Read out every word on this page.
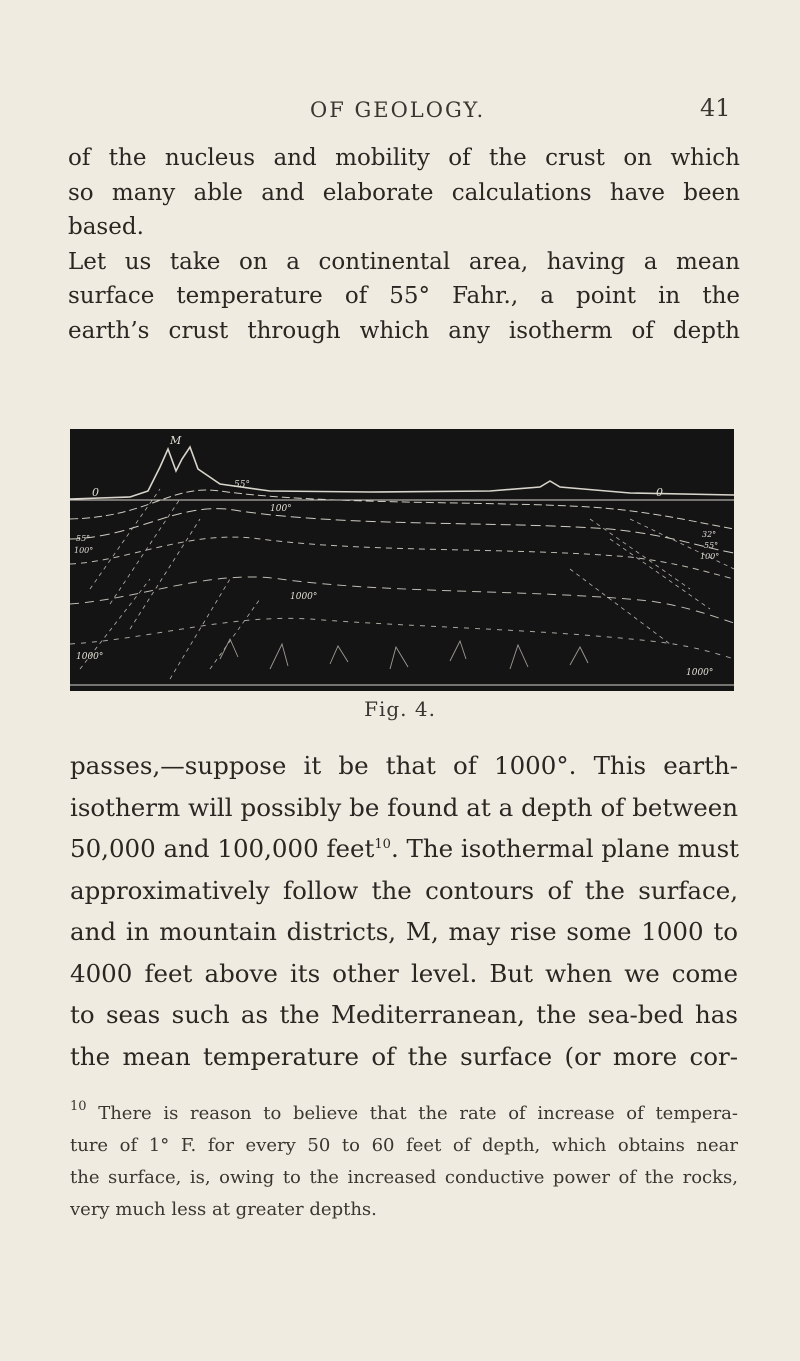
OF GEOLOGY.	41
of the nucleus and mobility of the crust on which
so many able and elaborate calculations have been
based.
Let us take on a continental area, having a mean
surface temperature of 55° Fahr., a point in the
earth’s crust through which any isotherm of depth
M
0	0
55°
100°
1000°
55°
100°
1000°
32°
55°
100°
1000°
Fig. 4.
passes,—suppose it be that of 1000°. This earth-
isotherm will possibly be found at a depth of between
50,000 and 100,000 feet$^{10}$. The isothermal plane must
approximatively follow the contours of the surface,
and in mountain districts, M, may rise some 1000 to
4000 feet above its other level. But when we come
to seas such as the Mediterranean, the sea-bed has
the mean temperature of the surface (or more cor-
$^{10}$ There is reason to believe that the rate of increase of tempera-
ture of 1° F. for every 50 to 60 feet of depth, which obtains near
the surface, is, owing to the increased conductive power of the rocks,
very much less at greater depths.
